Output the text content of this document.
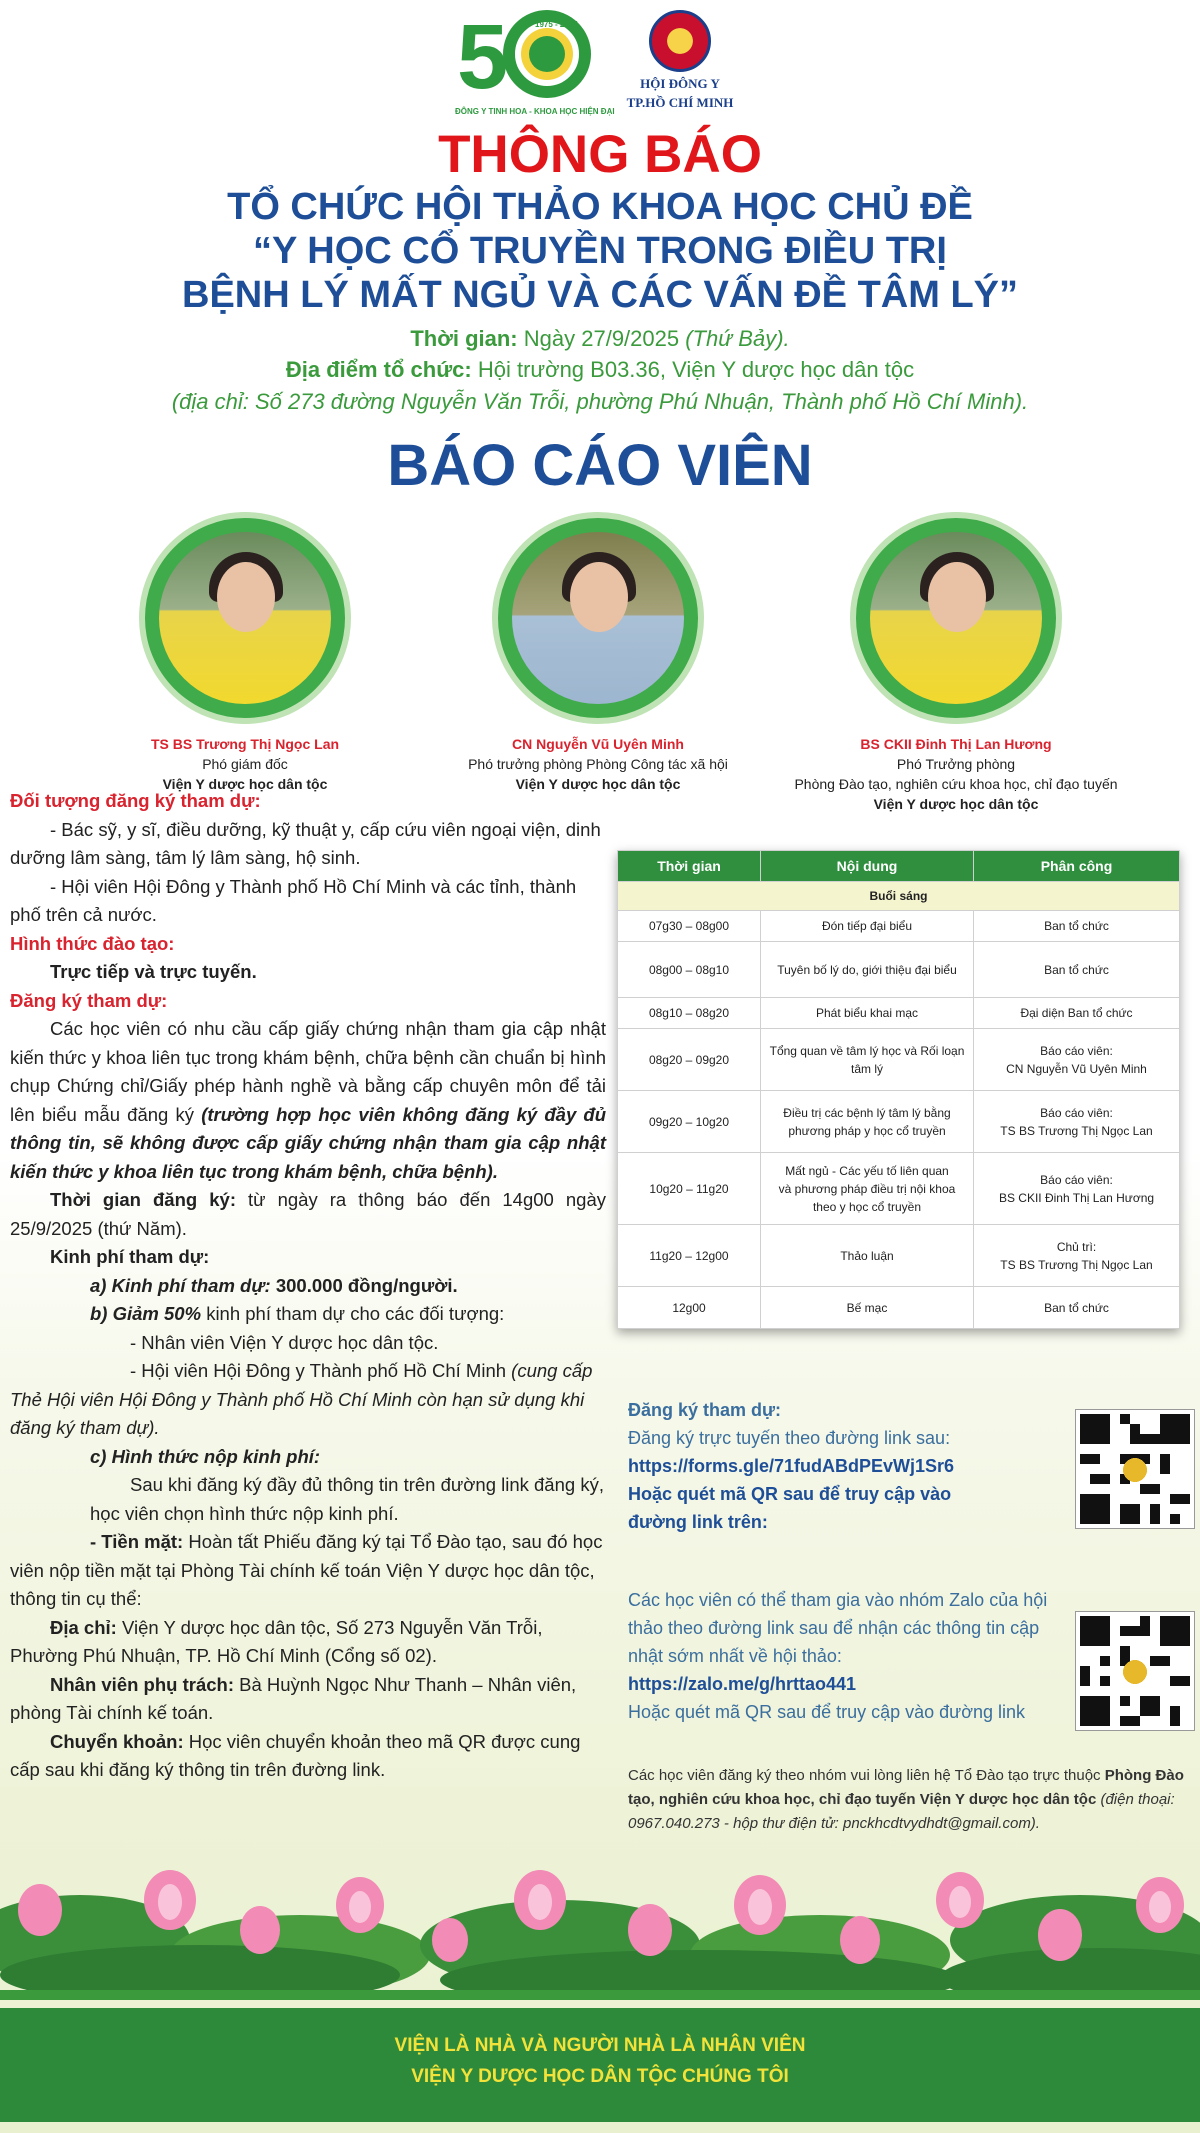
5	1975 - 2025
ĐÔNG Y TINH HOA - KHOA HỌC HIỆN ĐẠI
HỘI ĐÔNG Y
TP.HỒ CHÍ MINH
THÔNG BÁO
TỔ CHỨC HỘI THẢO KHOA HỌC CHỦ ĐỀ
“Y HỌC CỔ TRUYỀN TRONG ĐIỀU TRỊ
BỆNH LÝ MẤT NGỦ VÀ CÁC VẤN ĐỀ TÂM LÝ”
Thời gian: Ngày 27/9/2025 (Thứ Bảy).
Địa điểm tổ chức: Hội trường B03.36, Viện Y dược học dân tộc
(địa chỉ: Số 273 đường Nguyễn Văn Trỗi, phường Phú Nhuận, Thành phố Hồ Chí Minh).
BÁO CÁO VIÊN
TS BS Trương Thị Ngọc Lan
Phó giám đốc
Viện Y dược học dân tộc
CN Nguyễn Vũ Uyên Minh
Phó trưởng phòng Phòng Công tác xã hội
Viện Y dược học dân tộc
BS CKII Đinh Thị Lan Hương
Phó Trưởng phòng
Phòng Đào tạo, nghiên cứu khoa học, chỉ đạo tuyến
Viện Y dược học dân tộc

Đối tượng đăng ký tham dự:

- Bác sỹ, y sĩ, điều dưỡng, kỹ thuật y, cấp cứu viên ngoại viện, dinh dưỡng lâm sàng, tâm lý lâm sàng, hộ sinh.

- Hội viên Hội Đông y Thành phố Hồ Chí Minh và các tỉnh, thành phố trên cả nước.

Hình thức đào tạo:

Trực tiếp và trực tuyến.

Đăng ký tham dự:

Các học viên có nhu cầu cấp giấy chứng nhận tham gia cập nhật kiến thức y khoa liên tục trong khám bệnh, chữa bệnh cần chuẩn bị hình chụp Chứng chỉ/Giấy phép hành nghề và bằng cấp chuyên môn để tải lên biểu mẫu đăng ký (trường hợp học viên không đăng ký đầy đủ thông tin, sẽ không được cấp giấy chứng nhận tham gia cập nhật kiến thức y khoa liên tục trong khám bệnh, chữa bệnh).

Thời gian đăng ký: từ ngày ra thông báo đến 14g00 ngày 25/9/2025 (thứ Năm).

Kinh phí tham dự:

a) Kinh phí tham dự: 300.000 đồng/người.

b) Giảm 50% kinh phí tham dự cho các đối tượng:

- Nhân viên Viện Y dược học dân tộc.

- Hội viên Hội Đông y Thành phố Hồ Chí Minh (cung cấp Thẻ Hội viên Hội Đông y Thành phố Hồ Chí Minh còn hạn sử dụng khi đăng ký tham dự).

c) Hình thức nộp kinh phí:

Sau khi đăng ký đầy đủ thông tin trên đường link đăng ký, học viên chọn hình thức nộp kinh phí.

- Tiền mặt: Hoàn tất Phiếu đăng ký tại Tổ Đào tạo, sau đó học viên nộp tiền mặt tại Phòng Tài chính kế toán Viện Y dược học dân tộc, thông tin cụ thể:

Địa chỉ: Viện Y dược học dân tộc, Số 273 Nguyễn Văn Trỗi, Phường Phú Nhuận, TP. Hồ Chí Minh (Cổng số 02).

Nhân viên phụ trách: Bà Huỳnh Ngọc Như Thanh – Nhân viên, phòng Tài chính kế toán.

Chuyển khoản: Học viên chuyển khoản theo mã QR được cung cấp sau khi đăng ký thông tin trên đường link.

Thời gian	Nội dung	Phân công
Buổi sáng		
07g30 – 08g00	Đón tiếp đại biểu	Ban tổ chức
08g00 – 08g10	Tuyên bố lý do, giới thiệu đại biểu	Ban tổ chức
08g10 – 08g20	Phát biểu khai mạc	Đại diện Ban tổ chức
08g20 – 09g20	Tổng quan về tâm lý học và Rối loạn tâm lý	Báo cáo viên:
CN Nguyễn Vũ Uyên Minh
09g20 – 10g20	Điều trị các bệnh lý tâm lý bằng
phương pháp y học cổ truyền	Báo cáo viên:
TS BS Trương Thị Ngọc Lan
10g20 – 11g20	Mất ngủ - Các yếu tố liên quan
và phương pháp điều trị nội khoa
theo y học cổ truyền	Báo cáo viên:
BS CKII Đinh Thị Lan Hương
11g20 – 12g00	Thảo luận	Chủ trì:
TS BS Trương Thị Ngọc Lan
12g00	Bế mạc	Ban tổ chức
Đăng ký tham dự:
Đăng ký trực tuyến theo đường link sau:
https://forms.gle/71fudABdPEvWj1Sr6
Hoặc quét mã QR sau để truy cập vào đường link trên:
Các học viên có thể tham gia vào nhóm Zalo của hội thảo theo đường link sau để nhận các thông tin cập nhật sớm nhất về hội thảo:
https://zalo.me/g/hrttao441
Hoặc quét mã QR sau để truy cập vào đường link
Các học viên đăng ký theo nhóm vui lòng liên hệ Tổ Đào tạo trực thuộc Phòng Đào tạo, nghiên cứu khoa học, chỉ đạo tuyến Viện Y dược học dân tộc (điện thoại: 0967.040.273 - hộp thư điện tử: pnckhcdtvydhdt@gmail.com).
VIỆN LÀ NHÀ VÀ NGƯỜI NHÀ LÀ NHÂN VIÊN
VIỆN Y DƯỢC HỌC DÂN TỘC CHÚNG TÔI
